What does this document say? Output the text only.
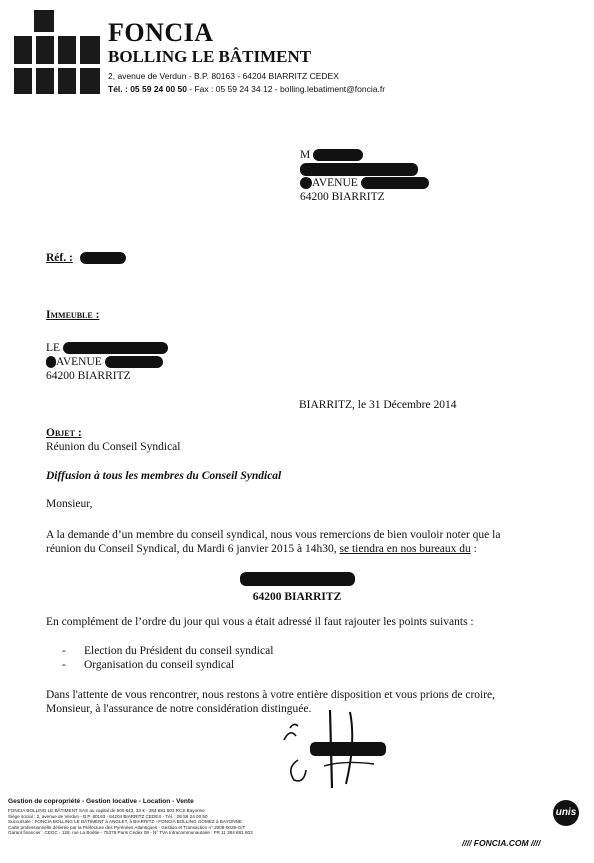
FONCIA
BOLLING LE BÂTIMENT
2, avenue de Verdun - B.P. 80163 - 64204 BIARRITZ CEDEX
Tél. : 05 59 24 00 50 - Fax : 05 59 24 34 12 - bolling.lebatiment@foncia.fr
M
AVENUE
64200 BIARRITZ
Réf. :
Immeuble :
LE
AVENUE
64200 BIARRITZ
BIARRITZ, le 31 Décembre 2014
Objet :
Réunion du Conseil Syndical
Diffusion à tous les membres du Conseil Syndical
Monsieur,
A la demande d’un membre du conseil syndical, nous vous remercions de bien vouloir noter que la
réunion du Conseil Syndical, du Mardi 6 janvier 2015 à 14h30, se tiendra en nos bureaux du :
64200 BIARRITZ
En complément de l’ordre du jour qui vous a était adressé il faut rajouter les points suivants :
- Election du Président du conseil syndical
- Organisation du conseil syndical
Dans l'attente de vous rencontrer, nous restons à votre entière disposition et vous prions de croire,
Monsieur, à l'assurance de notre considération distinguée.
Gestion de copropriété - Gestion locative - Location - Vente
FONCIA BOLLING LE BÂTIMENT SAS au capital de 500 843, 33 € - 384 681 603 RCS Bayonne
Siège social : 2, avenue de Verdun - B.P. 80163 - 64204 BIARRITZ CEDEX - Tél. : 05 59 24 00 50
Succursale : FONCIA BOLLING LE BÂTIMENT à ANGLET, à BIARRITZ - FONCIA BOLLING GOMEZ à BAYONNE
Carte professionnelle délivrée par la Préfecture des Pyrénées Atlantiques - Gestion et Transaction n° 2008-0028-G/T
Garant financier : CEGC - 128, rue La Boétie - 75378 Paris Cedex 08 - N° TVA Intracommunautaire : FR 11 384 681 603
unis
//// FONCIA.COM ////
